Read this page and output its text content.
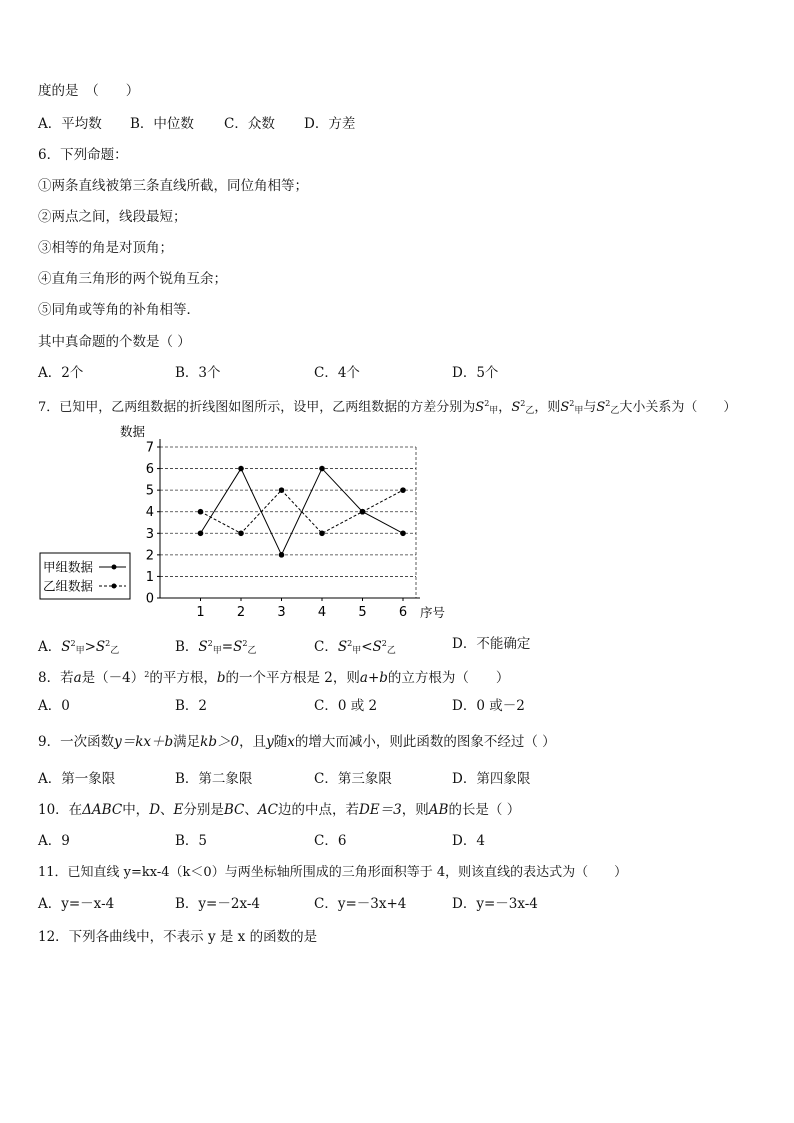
度的是　（　　）
A．平均数 B．中位数 C．众数 D．方差
6．下列命题：
①两条直线被第三条直线所截，同位角相等；
②两点之间，线段最短；
③相等的角是对顶角；
④直角三角形的两个锐角互余；
⑤同角或等角的补角相等．
其中真命题的个数是（ ）
A．2个	B．3个	C．4个	D．5个
7．已知甲，乙两组数据的折线图如图所示，设甲，乙两组数据的方差分别为$S^2_甲$，$S^2_乙$，则$S^2_甲$与$S^2_乙$大小关系为（　　）
0
1
2
3
4
5
6
7
1 2 3 4 5 6
数据
序号
甲组数据
乙组数据
A．$S^2_甲>S^2_乙$	B．$S^2_甲=S^2_乙$	C．$S^2_甲<S^2_乙$	D．不能确定
8．若a是$(-4)^2$的平方根，b的一个平方根是 2，则a+b的立方根为（　　）
A．0	B．2	C．0 或 2	D．0 或－2
9．一次函数y＝kx＋b满足kb＞0，且y随x的增大而减小，则此函数的图象不经过（ ）
A．第一象限	B．第二象限	C．第三象限	D．第四象限
10．在ΔABC中，D、E分别是BC、AC边的中点，若DE＝3，则AB的长是（ ）
A．9	B．5	C．6	D．4
11．已知直线 y=kx-4（k＜0）与两坐标轴所围成的三角形面积等于 4，则该直线的表达式为（　　）
A．y=－x-4	B．y=－2x-4	C．y=－3x+4	D．y=－3x-4
12．下列各曲线中，不表示 y 是 x 的函数的是
